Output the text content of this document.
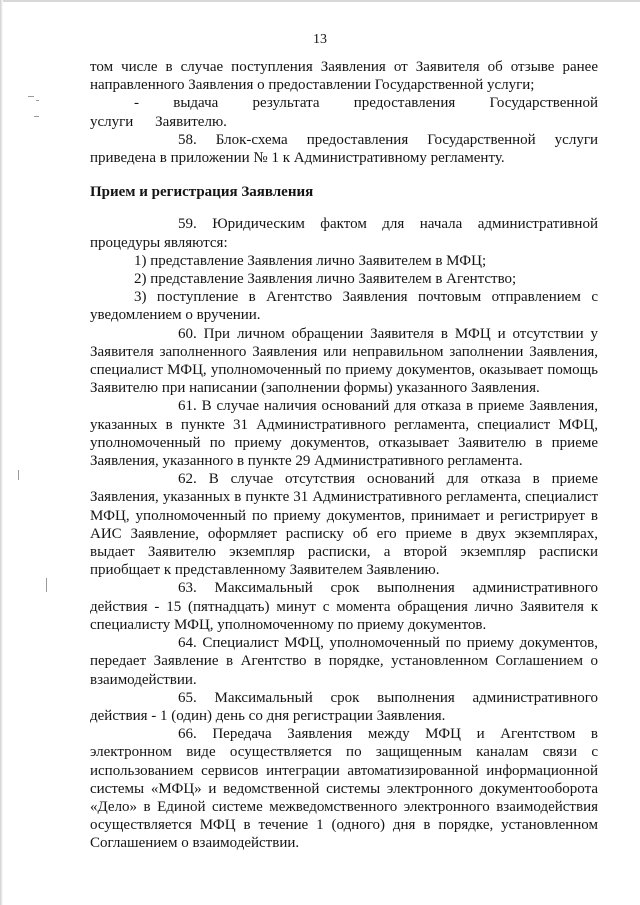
13

том числе в случае поступления Заявления от Заявителя об отзыве ранее направленного Заявления о предоставлении Государственной услуги;

- выдача результата предоставления Государственной услуги Заявителю.

58. Блок-схема предоставления Государственной услуги приведена в приложении № 1 к Административному регламенту.

Прием и регистрация Заявления

59. Юридическим фактом для начала административной процедуры являются:

1) представление Заявления лично Заявителем в МФЦ;

2) представление Заявления лично Заявителем в Агентство;

3) поступление в Агентство Заявления почтовым отправлением с уведомлением о вручении.

60. При личном обращении Заявителя в МФЦ и отсутствии у Заявителя заполненного Заявления или неправильном заполнении Заявления, специалист МФЦ, уполномоченный по приему документов, оказывает помощь Заявителю при написании (заполнении формы) указанного Заявления.

61. В случае наличия оснований для отказа в приеме Заявления, указанных в пункте 31 Административного регламента, специалист МФЦ, уполномоченный по приему документов, отказывает Заявителю в приеме Заявления, указанного в пункте 29 Административного регламента.

62. В случае отсутствия оснований для отказа в приеме Заявления, указанных в пункте 31 Административного регламента, специалист МФЦ, уполномоченный по приему документов, принимает и регистрирует в АИС Заявление, оформляет расписку об его приеме в двух экземплярах, выдает Заявителю экземпляр расписки, а второй экземпляр расписки приобщает к представленному Заявителем Заявлению.

63. Максимальный срок выполнения административного действия - 15 (пятнадцать) минут с момента обращения лично Заявителя к специалисту МФЦ, уполномоченному по приему документов.

64. Специалист МФЦ, уполномоченный по приему документов, передает Заявление в Агентство в порядке, установленном Соглашением о взаимодействии.

65. Максимальный срок выполнения административного действия - 1 (один) день со дня регистрации Заявления.

66. Передача Заявления между МФЦ и Агентством в электронном виде осуществляется по защищенным каналам связи с использованием сервисов интеграции автоматизированной информационной системы «МФЦ» и ведомственной системы электронного документооборота «Дело» в Единой системе межведомственного электронного взаимодействия осуществляется МФЦ в течение 1 (одного) дня в порядке, установленном Соглашением о взаимодействии.
